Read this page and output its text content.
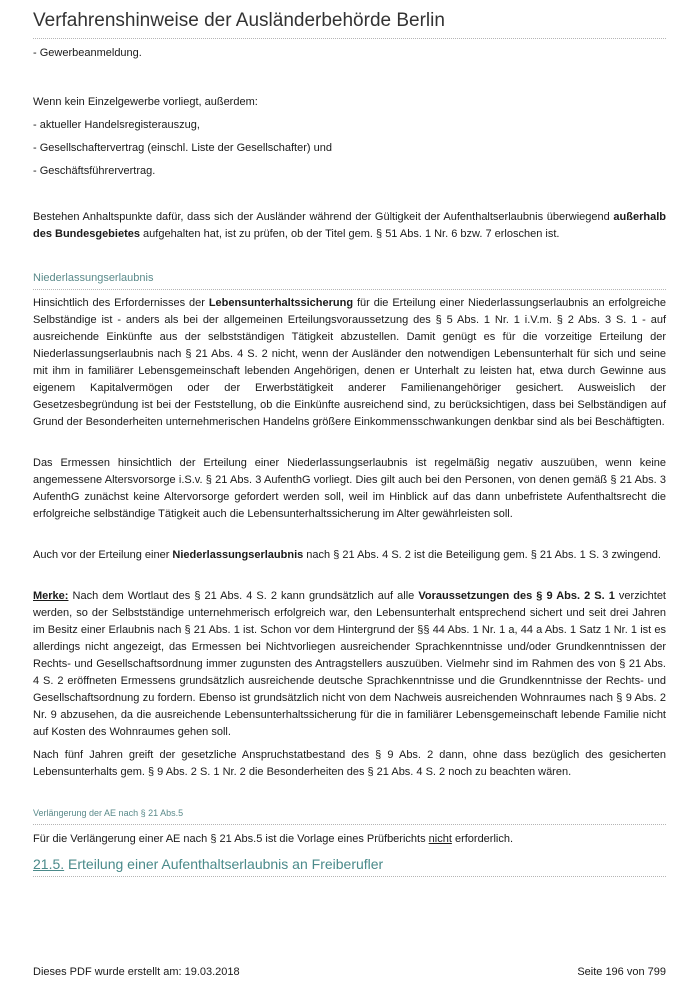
Verfahrenshinweise der Ausländerbehörde Berlin

- Gewerbeanmeldung.

Wenn kein Einzelgewerbe vorliegt, außerdem:

- aktueller Handelsregisterauszug,

- Gesellschaftervertrag (einschl. Liste der Gesellschafter) und

- Geschäftsführervertrag.

Bestehen Anhaltspunkte dafür, dass sich der Ausländer während der Gültigkeit der Aufenthaltserlaubnis überwiegend außerhalb des Bundesgebietes aufgehalten hat, ist zu prüfen, ob der Titel gem. § 51 Abs. 1 Nr. 6 bzw. 7 erloschen ist.

Niederlassungserlaubnis

Hinsichtlich des Erfordernisses der Lebensunterhaltssicherung für die Erteilung einer Niederlassungserlaubnis an erfolgreiche Selbständige ist - anders als bei der allgemeinen Erteilungsvoraussetzung des § 5 Abs. 1 Nr. 1 i.V.m. § 2 Abs. 3 S. 1 - auf ausreichende Einkünfte aus der selbstständigen Tätigkeit abzustellen. Damit genügt es für die vorzeitige Erteilung der Niederlassungserlaubnis nach § 21 Abs. 4 S. 2 nicht, wenn der Ausländer den notwendigen Lebensunterhalt für sich und seine mit ihm in familiärer Lebensgemeinschaft lebenden Angehörigen, denen er Unterhalt zu leisten hat, etwa durch Gewinne aus eigenem Kapitalvermögen oder der Erwerbstätigkeit anderer Familienangehöriger gesichert. Ausweislich der Gesetzesbegründung ist bei der Feststellung, ob die Einkünfte ausreichend sind, zu berücksichtigen, dass bei Selbständigen auf Grund der Besonderheiten unternehmerischen Handelns größere Einkommensschwankungen denkbar sind als bei Beschäftigten.

Das Ermessen hinsichtlich der Erteilung einer Niederlassungserlaubnis ist regelmäßig negativ auszuüben, wenn keine angemessene Altersvorsorge i.S.v. § 21 Abs. 3 AufenthG vorliegt. Dies gilt auch bei den Personen, von denen gemäß § 21 Abs. 3 AufenthG zunächst keine Altervorsorge gefordert werden soll, weil im Hinblick auf das dann unbefristete Aufenthaltsrecht die erfolgreiche selbständige Tätigkeit auch die Lebensunterhaltssicherung im Alter gewährleisten soll.

Auch vor der Erteilung einer Niederlassungserlaubnis nach § 21 Abs. 4 S. 2 ist die Beteiligung gem. § 21 Abs. 1 S. 3 zwingend.

Merke: Nach dem Wortlaut des § 21 Abs. 4 S. 2 kann grundsätzlich auf alle Voraussetzungen des § 9 Abs. 2 S. 1 verzichtet werden, so der Selbstständige unternehmerisch erfolgreich war, den Lebensunterhalt entsprechend sichert und seit drei Jahren im Besitz einer Erlaubnis nach § 21 Abs. 1 ist. Schon vor dem Hintergrund der §§ 44 Abs. 1 Nr. 1 a, 44 a Abs. 1 Satz 1 Nr. 1 ist es allerdings nicht angezeigt, das Ermessen bei Nichtvorliegen ausreichender Sprachkenntnisse und/oder Grundkenntnissen der Rechts- und Gesellschaftsordnung immer zugunsten des Antragstellers auszuüben. Vielmehr sind im Rahmen des von § 21 Abs. 4 S. 2 eröffneten Ermessens grundsätzlich ausreichende deutsche Sprachkenntnisse und die Grundkenntnisse der Rechts- und Gesellschaftsordnung zu fordern. Ebenso ist grundsätzlich nicht von dem Nachweis ausreichenden Wohnraumes nach § 9 Abs. 2 Nr. 9 abzusehen, da die ausreichende Lebensunterhaltssicherung für die in familiärer Lebensgemeinschaft lebende Familie nicht auf Kosten des Wohnraumes gehen soll.

Nach fünf Jahren greift der gesetzliche Anspruchstatbestand des § 9 Abs. 2 dann, ohne dass bezüglich des gesicherten Lebensunterhalts gem. § 9 Abs. 2 S. 1 Nr. 2 die Besonderheiten des § 21 Abs. 4 S. 2 noch zu beachten wären.

Verlängerung der AE nach § 21 Abs.5

Für die Verlängerung einer AE nach § 21 Abs.5 ist die Vorlage eines Prüfberichts nicht erforderlich.

21.5. Erteilung einer Aufenthaltserlaubnis an Freiberufler
Dieses PDF wurde erstellt am: 19.03.2018	Seite 196 von 799
